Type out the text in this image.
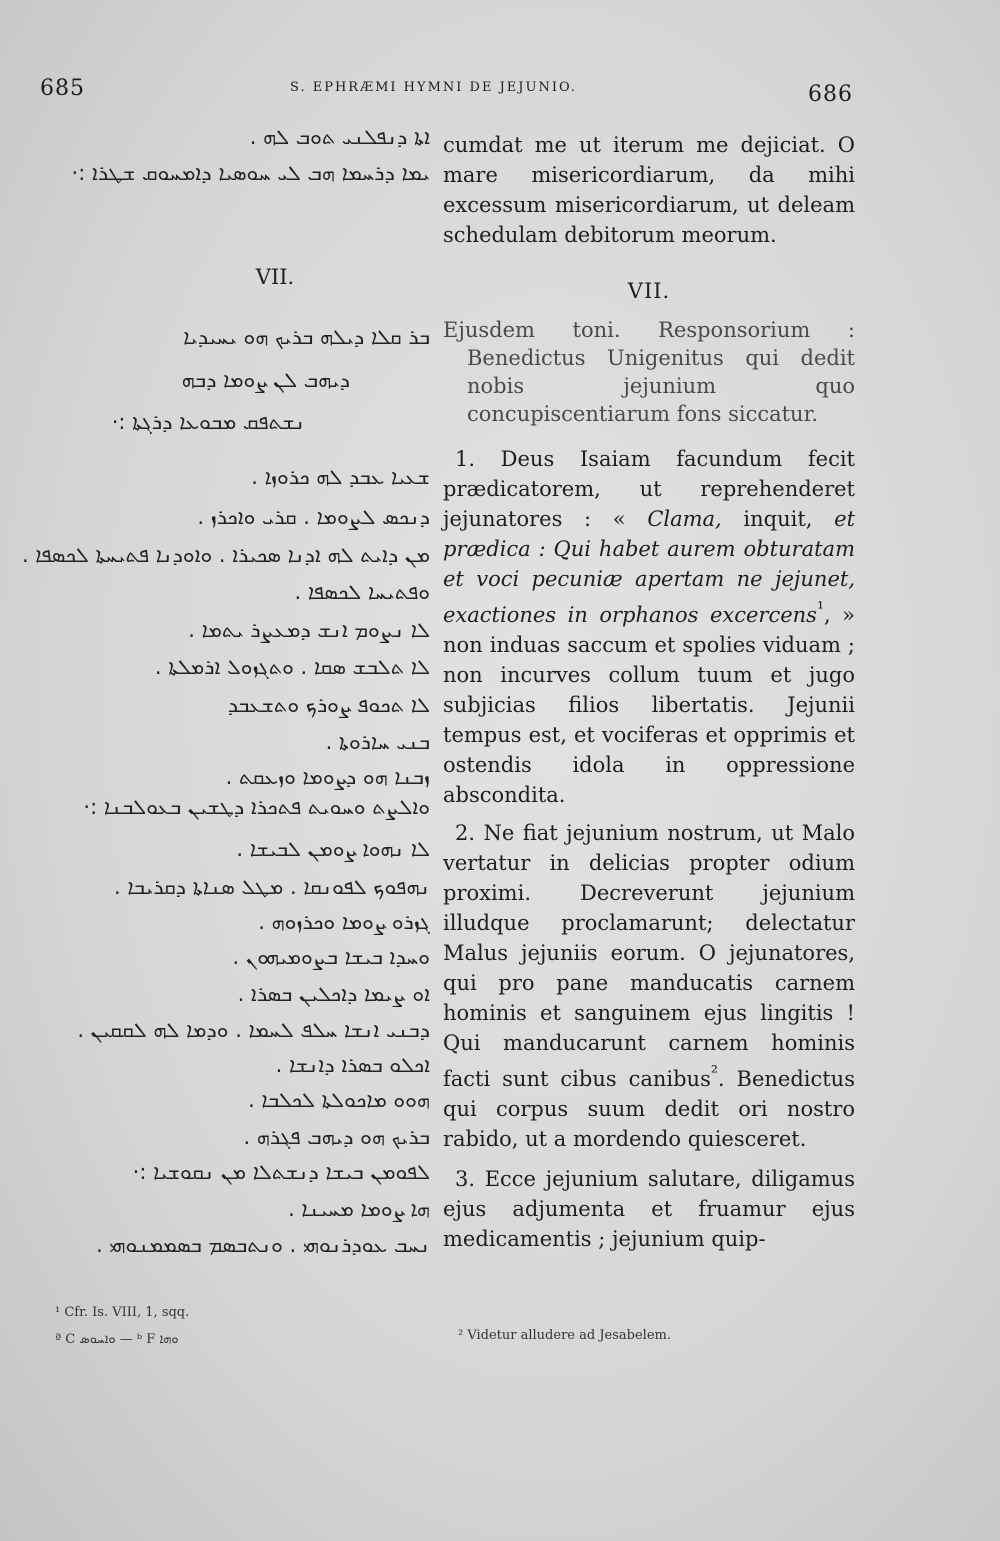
685	S. EPHRÆMI HYMNI DE JEJUNIO.	686
ܐܬܐ ܕܢܦܠܢܝ ܬܘܒ ܠܗ .
ܝܡܐ ܕܪܚܡܐ ܗܒ ܠܝ ܚܘܣܝܐ ܕܐܡܚܘܩ ܫܛܪܐ :·
VII.
ܒܪ ܩܠܐ ܕܝܠܗ ܒܪܝܟ ܗܘ ܝܚܝܕܝܐ
ܕܝܗܒ ܠܢ ܨܘܡܐ ܕܒܗ
ܢܫܬܦܩ ܡܒܘܥܐ ܕܪܓܬܐ :·
ܫܥܝܐ ܥܒܕ ܠܗ ܟܪܘܙܐ .
ܕܢܟܣ ܠܨܘܡܐ . ܩܪܝ ܘܐܟܪܙ .
ܡܢ ܕܐܝܬ ܠܗ ܐܕܢܐ ܣܟܝܪܐ . ܘܐܘܕܢܐ ܦܬܝܚܬܐ ܠܟܣܦܐ .
ܘܦܬܝܚܐ ܠܟܣܦܐ .
ܠܐ ܢܨܘܡ ܐܢܫ ܕܡܥܨܪ ܝܬܡܐ .
ܠܐ ܬܠܒܫ ܣܩܐ . ܘܬܓܙܘܠ ܐܪܡܠܬܐ .
ܠܐ ܬܟܘܦ ܨܘܪܟ ܘܬܫܥܒܕ
ܒܢܝ ܚܐܪܘܬܐ .
ܙܒܢܐ ܗܘ ܕܨܘܡܐ ܘܙܥܩܬ .
ܘܐܠܨܬ ܘܚܘܝܬ ܦܬܟܪܐ ܕܛܫܝܢ ܒܥܘܠܒܢܐ :·
ܠܐ ܢܗܘܐ ܨܘܡܢ ܠܒܝܫܐ .
ܢܗܦܘܟ ܠܦܘܢܩܐ . ܡܛܠ ܣܢܐܬܐ ܕܩܪܝܒܐ .
ܓܙܪܘ ܨܘܡܐ ܘܟܪܙܘܗ .
ܘܚܕܐ ܒܝܫܐ ܒܨܘܡܝܗܘܢ .
ܐܘ ܨܝܡܐ ܕܐܟܠܝܢ ܒܣܪܐ .
ܕܒܢܝ ܐܢܫܐ ܚܠܦ ܠܚܡܐ . ܘܕܡܐ ܠܗ ܠܩܩܝܢ .
ܐܟܠܘ ܒܣܪܐ ܕܐܢܫܐ .
ܗܘܘ ܡܐܟܘܠܬܐ ܠܟܠܒܐ .
ܒܪܝܟ ܗܘ ܕܝܗܒ ܦܓܪܗ .
ܠܦܘܡܢ ܒܝܫܐ ܕܢܫܬܠܐ ܡܢ ܢܩܘܫܝܐ :·
ܗܐ ܨܘܡܐ ܡܚܝܢܐ .
ܢܚܒ ܥܘܕܪܢܘܗܝ . ܘܢܬܒܣܡ ܒܣܡܡܢܘܗܝ .
¹ Cfr. Is. VIII, 1, sqq.
ª C ܘܐܚܘܣ — ᵇ F ܘܗܐ

cumdat me ut iterum me dejiciat. O mare misericordiarum, da mihi excessum misericordiarum, ut deleam schedulam debitorum meorum.

VII.

Ejusdem toni. Responsorium : Benedictus Unigenitus qui dedit nobis jejunium quo concupiscentiarum fons siccatur.

1. Deus Isaiam facundum fecit prædicatorem, ut reprehenderet jejunatores : « Clama, inquit, et prædica : Qui habet aurem obturatam et voci pecuniæ apertam ne jejunet, exactiones in orphanos excercens$^{^1}$, » non induas saccum et spolies viduam ; non incurves collum tuum et jugo subjicias filios libertatis. Jejunii tempus est, et vociferas et opprimis et ostendis idola in oppressione abscondita.

2. Ne fiat jejunium nostrum, ut Malo vertatur in delicias propter odium proximi. Decreverunt jejunium illudque proclamarunt; delectatur Malus jejuniis eorum. O jejunatores, qui pro pane manducatis carnem hominis et sanguinem ejus lingitis ! Qui manducarunt carnem hominis facti sunt cibus canibus$^{^2}$. Benedictus qui corpus suum dedit ori nostro rabido, ut a mordendo quiesceret.

3. Ecce jejunium salutare, diligamus ejus adjumenta et fruamur ejus medicamentis ; jejunium quip-

² Videtur alludere ad Jesabelem.
